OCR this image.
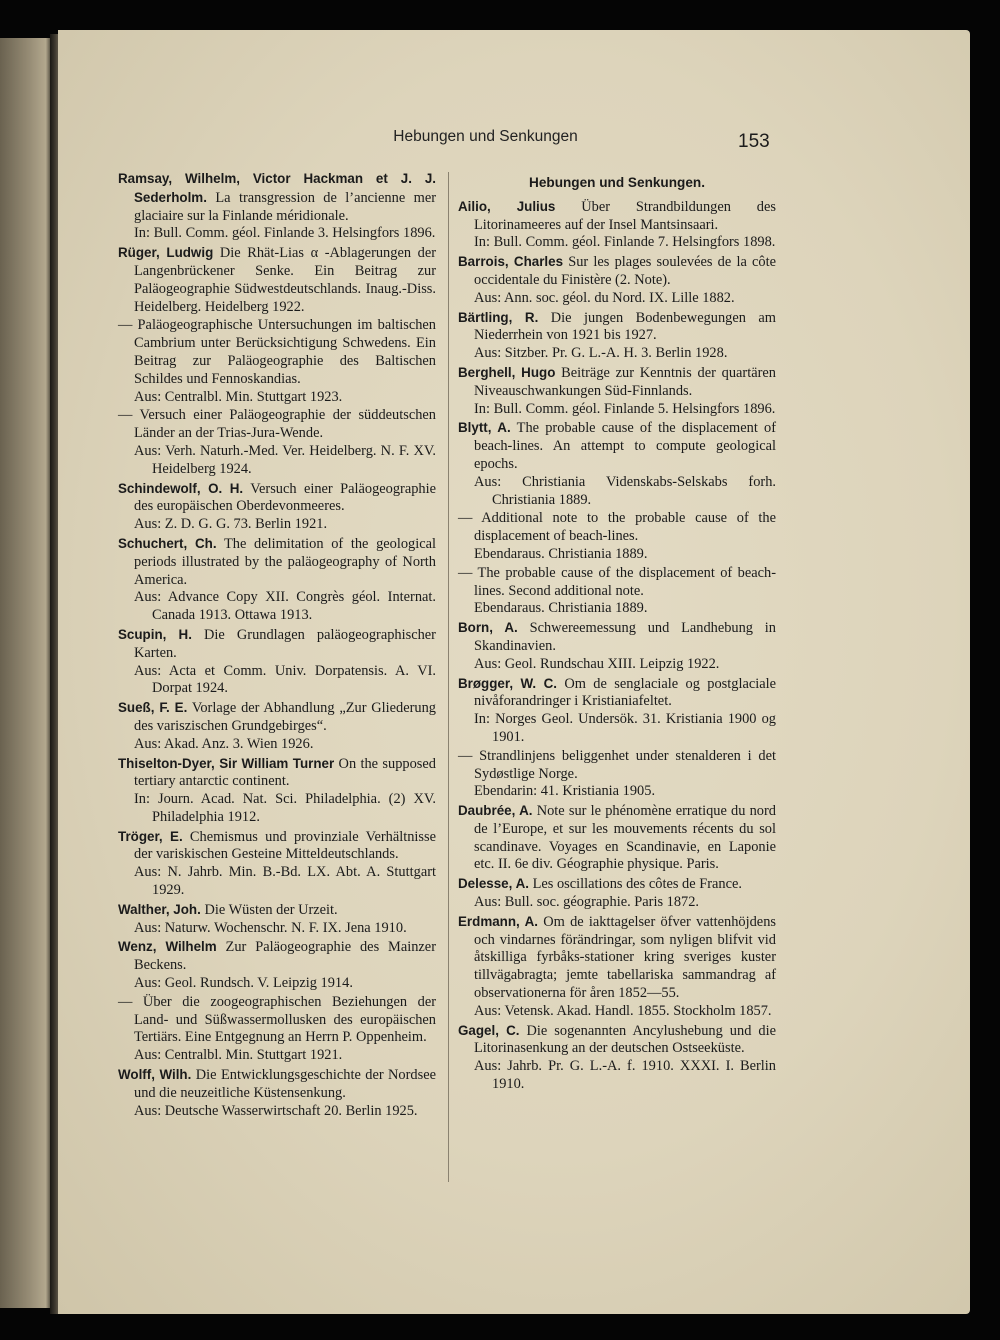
Hebungen und Senkungen	153

Ramsay, Wilhelm, Victor Hackman et J. J. Sederholm. La transgression de l’ancienne mer glaciaire sur la Finlande méridionale.

In: Bull. Comm. géol. Finlande 3. Helsingfors 1896.

Rüger, Ludwig Die Rhät-Lias α -Ablagerungen der Langenbrückener Senke. Ein Beitrag zur Paläogeographie Südwestdeutschlands. Inaug.-Diss. Heidelberg. Heidelberg 1922.

— Paläogeographische Untersuchungen im baltischen Cambrium unter Berücksichtigung Schwedens. Ein Beitrag zur Paläogeographie des Baltischen Schildes und Fennoskandias.

Aus: Centralbl. Min. Stuttgart 1923.

— Versuch einer Paläogeographie der süddeutschen Länder an der Trias-Jura-Wende.

Aus: Verh. Naturh.-Med. Ver. Heidelberg. N. F. XV. Heidelberg 1924.

Schindewolf, O. H. Versuch einer Paläogeographie des europäischen Oberdevonmeeres.

Aus: Z. D. G. G. 73. Berlin 1921.

Schuchert, Ch. The delimitation of the geological periods illustrated by the paläogeography of North America.

Aus: Advance Copy XII. Congrès géol. Internat. Canada 1913. Ottawa 1913.

Scupin, H. Die Grundlagen paläogeographischer Karten.

Aus: Acta et Comm. Univ. Dorpatensis. A. VI. Dorpat 1924.

Sueß, F. E. Vorlage der Abhandlung „Zur Gliederung des variszischen Grundgebirges“.

Aus: Akad. Anz. 3. Wien 1926.

Thiselton-Dyer, Sir William Turner On the supposed tertiary antarctic continent.

In: Journ. Acad. Nat. Sci. Philadelphia. (2) XV. Philadelphia 1912.

Tröger, E. Chemismus und provinziale Verhältnisse der variskischen Gesteine Mitteldeutschlands.

Aus: N. Jahrb. Min. B.-Bd. LX. Abt. A. Stuttgart 1929.

Walther, Joh. Die Wüsten der Urzeit.

Aus: Naturw. Wochenschr. N. F. IX. Jena 1910.

Wenz, Wilhelm Zur Paläogeographie des Mainzer Beckens.

Aus: Geol. Rundsch. V. Leipzig 1914.

— Über die zoogeographischen Beziehungen der Land- und Süßwassermollusken des europäischen Tertiärs. Eine Entgegnung an Herrn P. Oppenheim.

Aus: Centralbl. Min. Stuttgart 1921.

Wolff, Wilh. Die Entwicklungsgeschichte der Nordsee und die neuzeitliche Küstensenkung.

Aus: Deutsche Wasserwirtschaft 20. Berlin 1925.

Hebungen und Senkungen.

Ailio, Julius Über Strandbildungen des Litorinameeres auf der Insel Mantsinsaari.

In: Bull. Comm. géol. Finlande 7. Helsingfors 1898.

Barrois, Charles Sur les plages soulevées de la côte occidentale du Finistère (2. Note).

Aus: Ann. soc. géol. du Nord. IX. Lille 1882.

Bärtling, R. Die jungen Bodenbewegungen am Niederrhein von 1921 bis 1927.

Aus: Sitzber. Pr. G. L.-A. H. 3. Berlin 1928.

Berghell, Hugo Beiträge zur Kenntnis der quartären Niveauschwankungen Süd-Finnlands.

In: Bull. Comm. géol. Finlande 5. Helsingfors 1896.

Blytt, A. The probable cause of the displacement of beach-lines. An attempt to compute geological epochs.

Aus: Christiania Videnskabs-Selskabs forh. Christiania 1889.

— Additional note to the probable cause of the displacement of beach-lines.

Ebendaraus. Christiania 1889.

— The probable cause of the displacement of beach-lines. Second additional note.

Ebendaraus. Christiania 1889.

Born, A. Schwereemessung und Landhebung in Skandinavien.

Aus: Geol. Rundschau XIII. Leipzig 1922.

Brøgger, W. C. Om de senglaciale og postglaciale nivåforandringer i Kristianiafeltet.

In: Norges Geol. Undersök. 31. Kristiania 1900 og 1901.

— Strandlinjens beliggenhet under stenalderen i det Sydøstlige Norge.

Ebendarin: 41. Kristiania 1905.

Daubrée, A. Note sur le phénomène erratique du nord de l’Europe, et sur les mouvements récents du sol scandinave. Voyages en Scandinavie, en Laponie etc. II. 6e div. Géographie physique. Paris.

Delesse, A. Les oscillations des côtes de France.

Aus: Bull. soc. géographie. Paris 1872.

Erdmann, A. Om de iakttagelser öfver vattenhöjdens och vindarnes förändringar, som nyligen blifvit vid åtskilliga fyrbåks-stationer kring sveriges kuster tillvägabragta; jemte tabellariska sammandrag af observationerna för åren 1852—55.

Aus: Vetensk. Akad. Handl. 1855. Stockholm 1857.

Gagel, C. Die sogenannten Ancylushebung und die Litorinasenkung an der deutschen Ostseeküste.

Aus: Jahrb. Pr. G. L.-A. f. 1910. XXXI. I. Berlin 1910.
